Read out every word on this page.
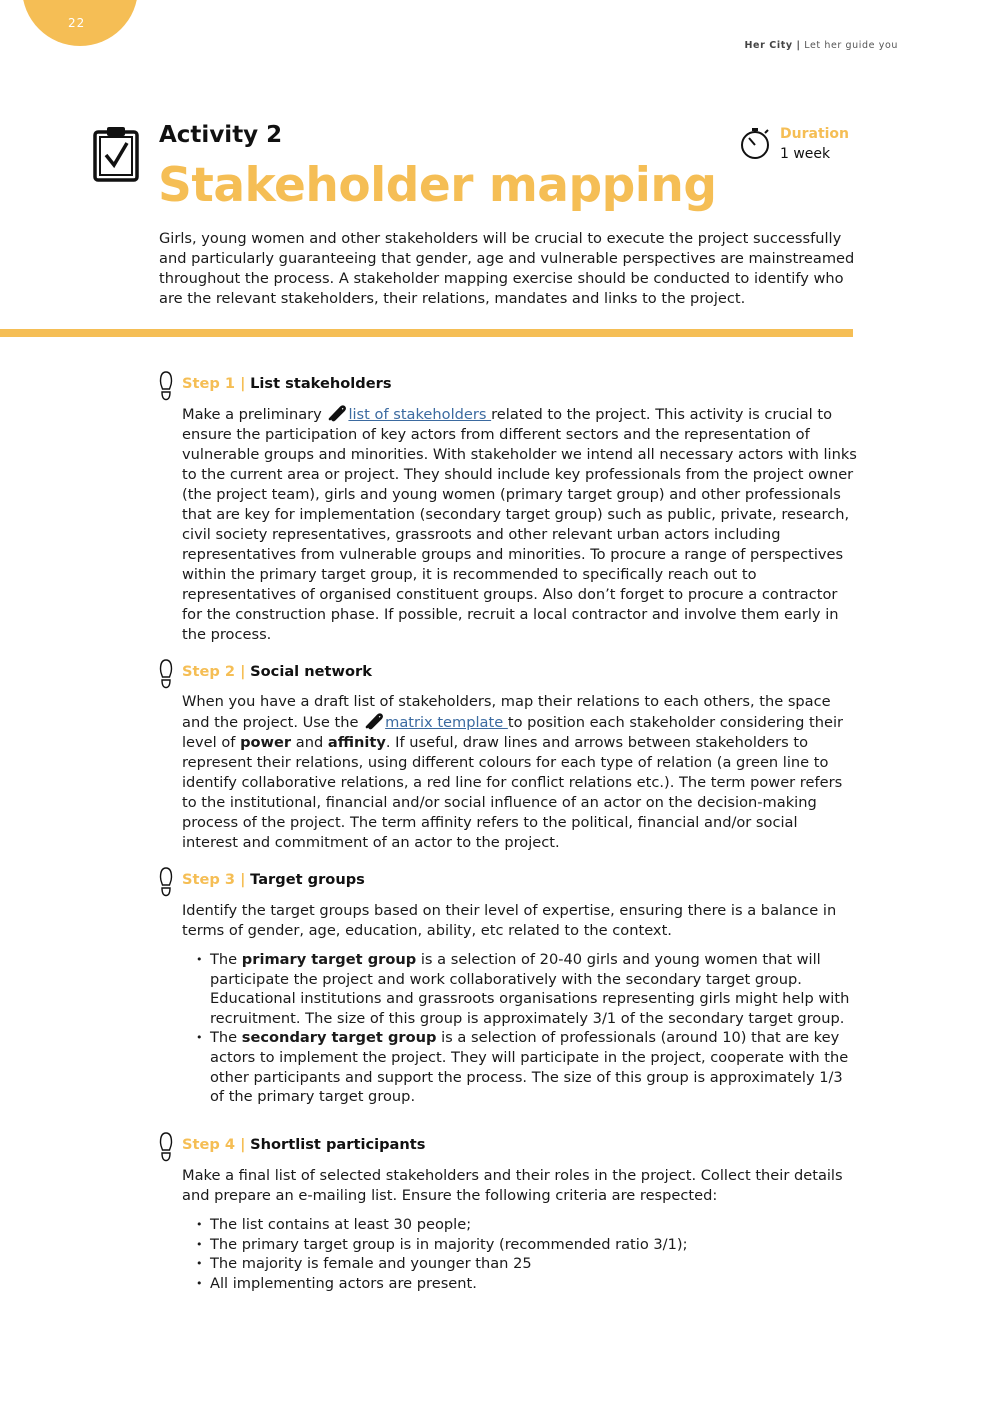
22
Her City | Let her guide you
Activity 2
Stakeholder mapping
Duration
1 week
Girls, young women and other stakeholders will be crucial to execute the project successfully and particularly guaranteeing that gender, age and vulnerable perspectives are mainstreamed throughout the process. A stakeholder mapping exercise should be conducted to identify who are the relevant stakeholders, their relations, mandates and links to the project.
Step 1 | List stakeholders

Make a preliminary list of stakeholders related to the project. This activity is crucial to ensure the participation of key actors from different sectors and the representation of vulnerable groups and minorities. With stakeholder we intend all necessary actors with links to the current area or project. They should include key professionals from the project owner (the project team), girls and young women (primary target group) and other professionals that are key for implementation (secondary target group) such as public, private, research, civil society representatives, grassroots and other relevant urban actors including representatives from vulnerable groups and minorities. To procure a range of perspectives within the primary target group, it is recommended to specifically reach out to representatives of organised constituent groups. Also don’t forget to procure a contractor for the construction phase. If possible, recruit a local contractor and involve them early in the process.

Step 2 | Social network

When you have a draft list of stakeholders, map their relations to each others, the space and the project. Use the matrix template to position each stakeholder considering their level of power and affinity. If useful, draw lines and arrows between stakeholders to represent their relations, using different colours for each type of relation (a green line to identify collaborative relations, a red line for conflict relations etc.). The term power refers to the institutional, financial and/or social influence of an actor on the decision-making process of the project. The term affinity refers to the political, financial and/or social interest and commitment of an actor to the project.

Step 3 | Target groups

Identify the target groups based on their level of expertise, ensuring there is a balance in terms of gender, age, education, ability, etc related to the context.

• The primary target group is a selection of 20-40 girls and young women that will participate the project and work collaboratively with the secondary target group. Educational institutions and grassroots organisations representing girls might help with recruitment. The size of this group is approximately 3/1 of the secondary target group.
• The secondary target group is a selection of professionals (around 10) that are key actors to implement the project. They will participate in the project, cooperate with the other participants and support the process. The size of this group is approximately 1/3 of the primary target group.
Step 4 | Shortlist participants

Make a final list of selected stakeholders and their roles in the project. Collect their details and prepare an e-mailing list. Ensure the following criteria are respected:

• The list contains at least 30 people;
• The primary target group is in majority (recommended ratio 3/1);
• The majority is female and younger than 25
• All implementing actors are present.
